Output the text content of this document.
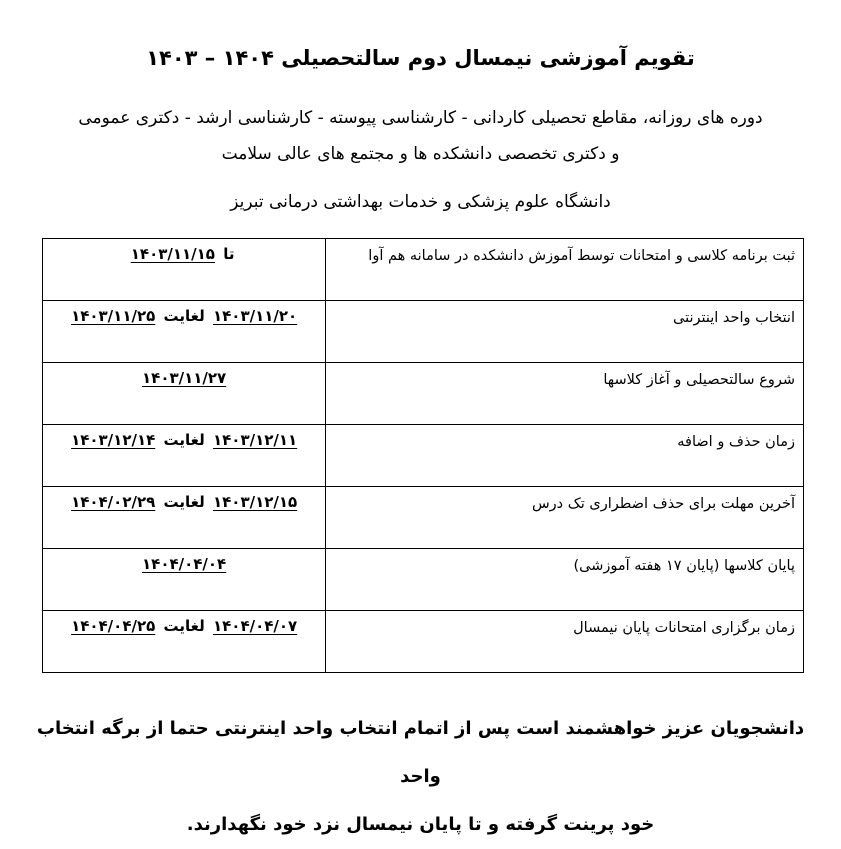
تقویم آموزشی نیمسال دوم سالتحصیلی ۱۴۰۴ – ۱۴۰۳
دوره های روزانه، مقاطع تحصیلی کاردانی - کارشناسی پیوسته - کارشناسی ارشد - دکتری عمومی
و دکتری تخصصی دانشکده ها و مجتمع های عالی سلامت
دانشگاه علوم پزشکی و خدمات بهداشتی درمانی تبریز
ثبت برنامه کلاسی و امتحانات توسط آموزش دانشکده در سامانه هم آوا	تا ۱۴۰۳/۱۱/۱۵
انتخاب واحد اینترنتی	۱۴۰۳/۱۱/۲۰ لغایت ۱۴۰۳/۱۱/۲۵
شروع سالتحصیلی و آغاز کلاسها	۱۴۰۳/۱۱/۲۷
زمان حذف و اضافه	۱۴۰۳/۱۲/۱۱ لغایت ۱۴۰۳/۱۲/۱۴
آخرین مهلت برای حذف اضطراری تک درس	۱۴۰۳/۱۲/۱۵ لغایت ۱۴۰۴/۰۲/۲۹
پایان کلاسها (پایان ۱۷ هفته آموزشی)	۱۴۰۴/۰۴/۰۴
زمان برگزاری امتحانات پایان نیمسال	۱۴۰۴/۰۴/۰۷ لغایت ۱۴۰۴/۰۴/۲۵
دانشجویان عزیز خواهشمند است پس از اتمام انتخاب واحد اینترنتی حتما از برگه انتخاب واحد
خود پرینت گرفته و تا پایان نیمسال نزد خود نگهدارند.
